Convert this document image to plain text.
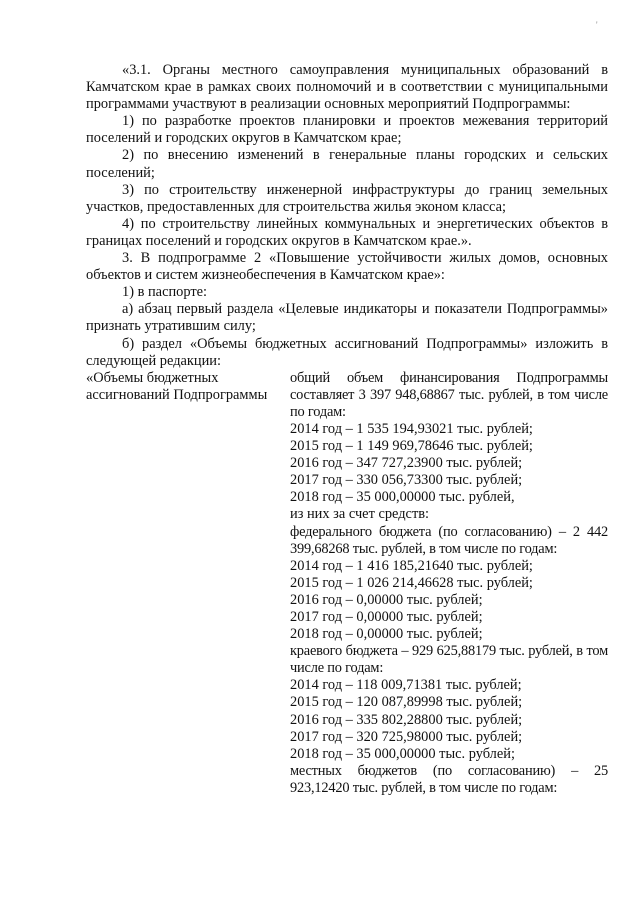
'

«3.1. Органы местного самоуправления муниципальных образований в Камчатском крае в рамках своих полномочий и в соответствии с муниципальными программами участвуют в реализации основных мероприятий Подпрограммы:

1) по разработке проектов планировки и проектов межевания территорий поселений и городских округов в Камчатском крае;

2) по внесению изменений в генеральные планы городских и сельских поселений;

3) по строительству инженерной инфраструктуры до границ земельных участков, предоставленных для строительства жилья эконом класса;

4) по строительству линейных коммунальных и энергетических объектов в границах поселений и городских округов в Камчатском крае.».

3. В подпрограмме 2 «Повышение устойчивости жилых домов, основных объектов и систем жизнеобеспечения в Камчатском крае»:

1) в паспорте:

а) абзац первый раздела «Целевые индикаторы и показатели Подпрограммы» признать утратившим силу;

б) раздел «Объемы бюджетных ассигнований Подпрограммы» изложить в следующей редакции:

«Объемы бюджетных ассигнований Подпрограммы
общий объем финансирования Подпрограммы составляет 3 397 948,68867 тыс. рублей, в том числе по годам:
2014 год – 1 535 194,93021 тыс. рублей;
2015 год – 1 149 969,78646 тыс. рублей;
2016 год – 347 727,23900 тыс. рублей;
2017 год – 330 056,73300 тыс. рублей;
2018 год – 35 000,00000 тыс. рублей,
из них за счет средств:
федерального бюджета (по согласованию) – 2 442 399,68268 тыс. рублей, в том числе по годам:
2014 год – 1 416 185,21640 тыс. рублей;
2015 год – 1 026 214,46628 тыс. рублей;
2016 год – 0,00000 тыс. рублей;
2017 год – 0,00000 тыс. рублей;
2018 год – 0,00000 тыс. рублей;
краевого бюджета – 929 625,88179 тыс. рублей, в том числе по годам:
2014 год – 118 009,71381 тыс. рублей;
2015 год – 120 087,89998 тыс. рублей;
2016 год – 335 802,28800 тыс. рублей;
2017 год – 320 725,98000 тыс. рублей;
2018 год – 35 000,00000 тыс. рублей;
местных бюджетов (по согласованию) – 25 923,12420 тыс. рублей, в том числе по годам:
